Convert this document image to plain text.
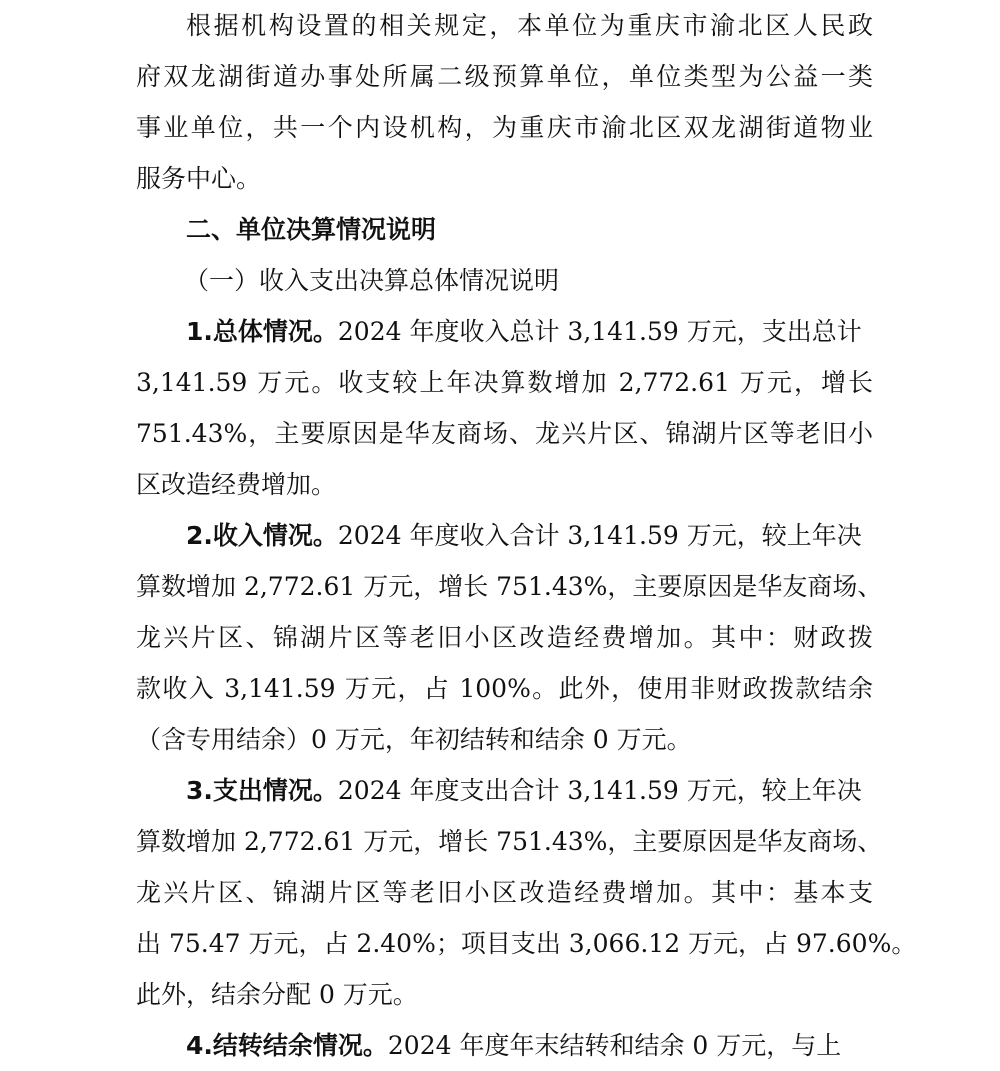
根据机构设置的相关规定，本单位为重庆市渝北区人民政
府双龙湖街道办事处所属二级预算单位，单位类型为公益一类
事业单位，共一个内设机构，为重庆市渝北区双龙湖街道物业
服务中心。
二、单位决算情况说明
（一）收入支出决算总体情况说明
1.总体情况。2024 年度收入总计 3,141.59 万元，支出总计
3,141.59 万元。收支较上年决算数增加 2,772.61 万元，增长
751.43%，主要原因是华友商场、龙兴片区、锦湖片区等老旧小
区改造经费增加。
2.收入情况。2024 年度收入合计 3,141.59 万元，较上年决
算数增加 2,772.61 万元，增长 751.43%，主要原因是华友商场、
龙兴片区、锦湖片区等老旧小区改造经费增加。其中：财政拨
款收入 3,141.59 万元，占 100%。此外，使用非财政拨款结余
（含专用结余）0 万元，年初结转和结余 0 万元。
3.支出情况。2024 年度支出合计 3,141.59 万元，较上年决
算数增加 2,772.61 万元，增长 751.43%，主要原因是华友商场、
龙兴片区、锦湖片区等老旧小区改造经费增加。其中：基本支
出 75.47 万元，占 2.40%；项目支出 3,066.12 万元，占 97.60%。
此外，结余分配 0 万元。
4.结转结余情况。2024 年度年末结转和结余 0 万元，与上
